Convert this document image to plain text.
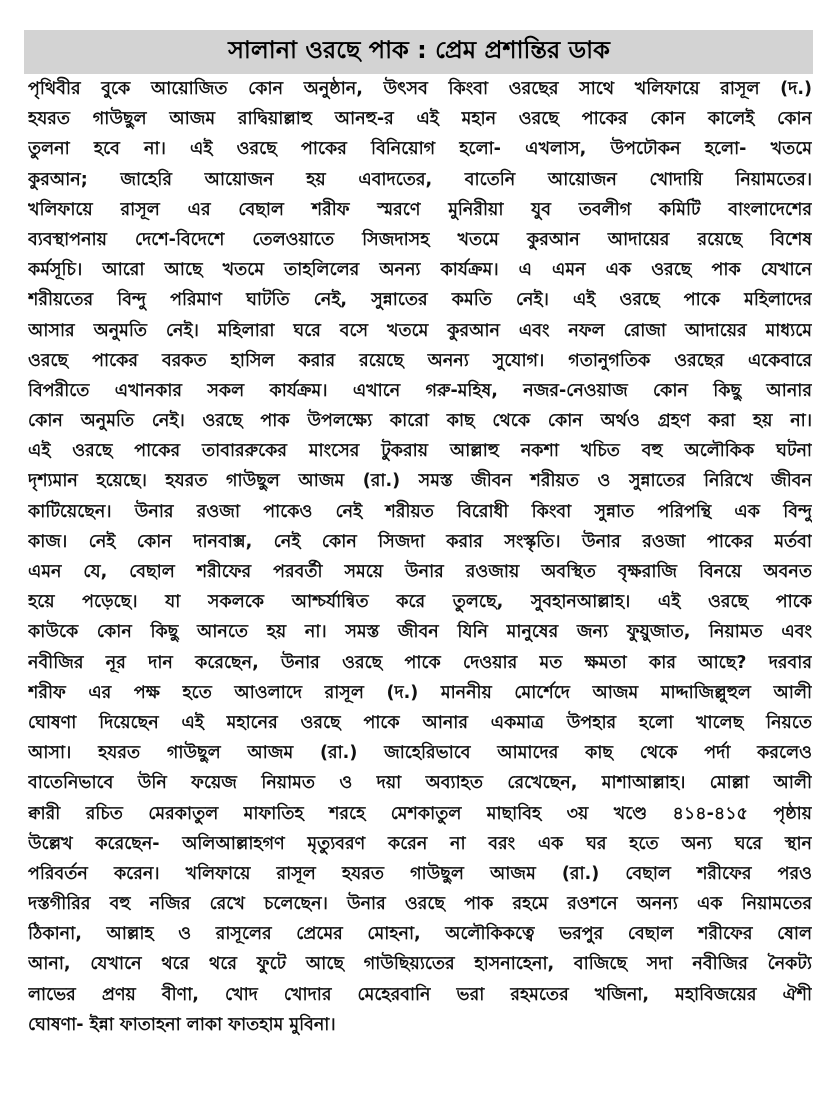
সালানা ওরছে পাক : প্রেম প্রশান্তির ডাক
পৃথিবীর বুকে আয়োজিত কোন অনুষ্ঠান, উৎসব কিংবা ওরছের সাথে খলিফায়ে রাসূল (দ.)
হযরত গাউছুল আজম রাদ্বিয়াল্লাহু আনহু-র এই মহান ওরছে পাকের কোন কালেই কোন
তুলনা হবে না। এই ওরছে পাকের বিনিয়োগ হলো- এখলাস, উপঢৌকন হলো- খতমে
কুরআন; জাহেরি আয়োজন হয় এবাদতের, বাতেনি আয়োজন খোদায়ি নিয়ামতের।
খলিফায়ে রাসূল এর বেছাল শরীফ স্মরণে মুনিরীয়া যুব তবলীগ কমিটি বাংলাদেশের
ব্যবস্থাপনায় দেশে-বিদেশে তেলওয়াতে সিজদাসহ খতমে কুরআন আদায়ের রয়েছে বিশেষ
কর্মসূচি। আরো আছে খতমে তাহলিলের অনন্য কার্যক্রম। এ এমন এক ওরছে পাক যেখানে
শরীয়তের বিন্দু পরিমাণ ঘাটতি নেই, সুন্নাতের কমতি নেই। এই ওরছে পাকে মহিলাদের
আসার অনুমতি নেই। মহিলারা ঘরে বসে খতমে কুরআন এবং নফল রোজা আদায়ের মাধ্যমে
ওরছে পাকের বরকত হাসিল করার রয়েছে অনন্য সুযোগ। গতানুগতিক ওরছের একেবারে
বিপরীতে এখানকার সকল কার্যক্রম। এখানে গরু-মহিষ, নজর-নেওয়াজ কোন কিছু আনার
কোন অনুমতি নেই। ওরছে পাক উপলক্ষ্যে কারো কাছ থেকে কোন অর্থও গ্রহণ করা হয় না।
এই ওরছে পাকের তাবাররুকের মাংসের টুকরায় আল্লাহু নকশা খচিত বহু অলৌকিক ঘটনা
দৃশ্যমান হয়েছে। হযরত গাউছুল আজম (রা.) সমস্ত জীবন শরীয়ত ও সুন্নাতের নিরিখে জীবন
কাটিয়েছেন। উনার রওজা পাকেও নেই শরীয়ত বিরোধী কিংবা সুন্নাত পরিপন্থি এক বিন্দু
কাজ। নেই কোন দানবাক্স, নেই কোন সিজদা করার সংস্কৃতি। উনার রওজা পাকের মর্তবা
এমন যে, বেছাল শরীফের পরবর্তী সময়ে উনার রওজায় অবস্থিত বৃক্ষরাজি বিনয়ে অবনত
হয়ে পড়েছে। যা সকলকে আশ্চর্যান্বিত করে তুলছে, সুবহানআল্লাহ। এই ওরছে পাকে
কাউকে কোন কিছু আনতে হয় না। সমস্ত জীবন যিনি মানুষের জন্য ফুয়ুজাত, নিয়ামত এবং
নবীজির নূর দান করেছেন, উনার ওরছে পাকে দেওয়ার মত ক্ষমতা কার আছে? দরবার
শরীফ এর পক্ষ হতে আওলাদে রাসূল (দ.) মাননীয় মোর্শেদে আজম মাদ্দাজিল্লুহুল আলী
ঘোষণা দিয়েছেন এই মহানের ওরছে পাকে আনার একমাত্র উপহার হলো খালেছ নিয়তে
আসা। হযরত গাউছুল আজম (রা.) জাহেরিভাবে আমাদের কাছ থেকে পর্দা করলেও
বাতেনিভাবে উনি ফয়েজ নিয়ামত ও দয়া অব্যাহত রেখেছেন, মাশাআল্লাহ। মোল্লা আলী
ক্বারী রচিত মেরকাতুল মাফাতিহ শরহে মেশকাতুল মাছাবিহ ৩য় খণ্ডে ৪১৪-৪১৫ পৃষ্ঠায়
উল্লেখ করেছেন- অলিআল্লাহগণ মৃত্যুবরণ করেন না বরং এক ঘর হতে অন্য ঘরে স্থান
পরিবর্তন করেন। খলিফায়ে রাসূল হযরত গাউছুল আজম (রা.) বেছাল শরীফের পরও
দস্তগীরির বহু নজির রেখে চলেছেন। উনার ওরছে পাক রহমে রওশনে অনন্য এক নিয়ামতের
ঠিকানা, আল্লাহ ও রাসূলের প্রেমের মোহনা, অলৌকিকত্বে ভরপুর বেছাল শরীফের ষোল
আনা, যেখানে থরে থরে ফুটে আছে গাউছিয়্যতের হাসনাহেনা, বাজিছে সদা নবীজির নৈকট্য
লাভের প্রণয় বীণা, খোদ খোদার মেহেরবানি ভরা রহমতের খজিনা, মহাবিজয়ের ঐশী
ঘোষণা- ইন্না ফাতাহনা লাকা ফাতহাম মুবিনা।
